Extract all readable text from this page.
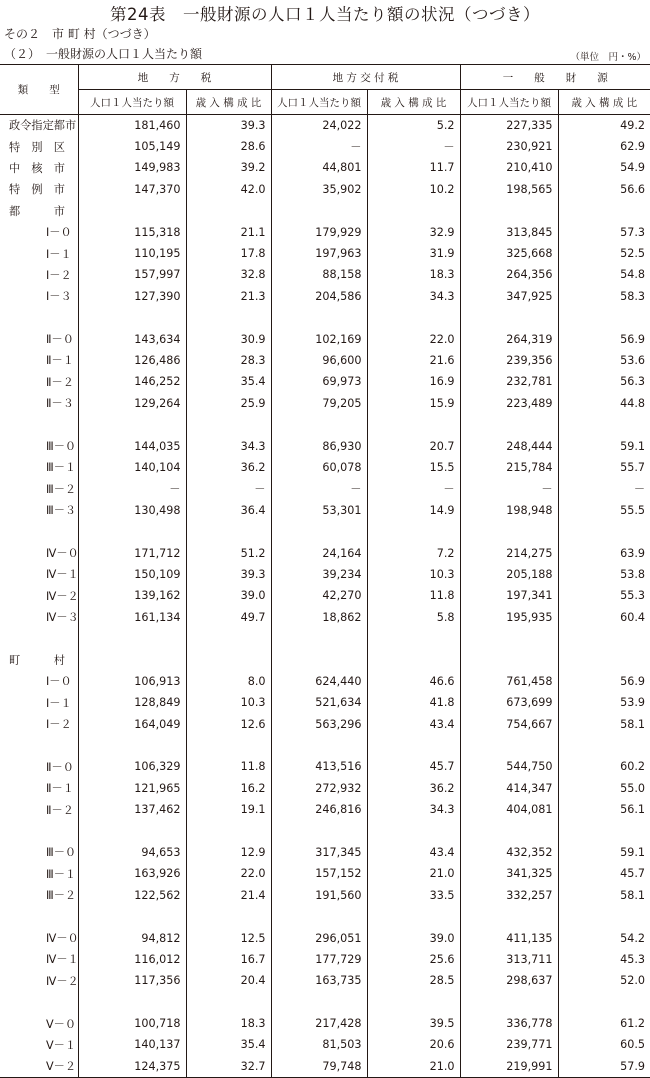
第24表　一般財源の人口１人当たり額の状況（つづき）
その２　市 町 村（つづき）
（２）　一般財源の人口１人当たり額	（単位　円・%）
類　　型	地　　方　　税		地 方 交 付 税		一　　般　　財　　源	
	人口１人当たり額	歳 入 構 成 比	人口１人当たり額	歳 入 構 成 比	人口１人当たり額	歳 入 構 成 比
政令指定都市	181,460	39.3	24,022	5.2	227,335	49.2
特　別　区	105,149	28.6	－	－	230,921	62.9
中　核　市	149,983	39.2	44,801	11.7	210,410	54.9
特　例　市	147,370	42.0	35,902	10.2	198,565	56.6
都　　　市						
Ⅰ－０	115,318	21.1	179,929	32.9	313,845	57.3
Ⅰ－１	110,195	17.8	197,963	31.9	325,668	52.5
Ⅰ－２	157,997	32.8	88,158	18.3	264,356	54.8
Ⅰ－３	127,390	21.3	204,586	34.3	347,925	58.3

Ⅱ－０	143,634	30.9	102,169	22.0	264,319	56.9
Ⅱ－１	126,486	28.3	96,600	21.6	239,356	53.6
Ⅱ－２	146,252	35.4	69,973	16.9	232,781	56.3
Ⅱ－３	129,264	25.9	79,205	15.9	223,489	44.8

Ⅲ－０	144,035	34.3	86,930	20.7	248,444	59.1
Ⅲ－１	140,104	36.2	60,078	15.5	215,784	55.7
Ⅲ－２	－	－	－	－	－	－
Ⅲ－３	130,498	36.4	53,301	14.9	198,948	55.5

Ⅳ－０	171,712	51.2	24,164	7.2	214,275	63.9
Ⅳ－１	150,109	39.3	39,234	10.3	205,188	53.8
Ⅳ－２	139,162	39.0	42,270	11.8	197,341	55.3
Ⅳ－３	161,134	49.7	18,862	5.8	195,935	60.4

町　　　村						
Ⅰ－０	106,913	8.0	624,440	46.6	761,458	56.9
Ⅰ－１	128,849	10.3	521,634	41.8	673,699	53.9
Ⅰ－２	164,049	12.6	563,296	43.4	754,667	58.1

Ⅱ－０	106,329	11.8	413,516	45.7	544,750	60.2
Ⅱ－１	121,965	16.2	272,932	36.2	414,347	55.0
Ⅱ－２	137,462	19.1	246,816	34.3	404,081	56.1

Ⅲ－０	94,653	12.9	317,345	43.4	432,352	59.1
Ⅲ－１	163,926	22.0	157,152	21.0	341,325	45.7
Ⅲ－２	122,562	21.4	191,560	33.5	332,257	58.1

Ⅳ－０	94,812	12.5	296,051	39.0	411,135	54.2
Ⅳ－１	116,012	16.7	177,729	25.6	313,711	45.3
Ⅳ－２	117,356	20.4	163,735	28.5	298,637	52.0

Ⅴ－０	100,718	18.3	217,428	39.5	336,778	61.2
Ⅴ－１	140,137	35.4	81,503	20.6	239,771	60.5
Ⅴ－２	124,375	32.7	79,748	21.0	219,991	57.9
